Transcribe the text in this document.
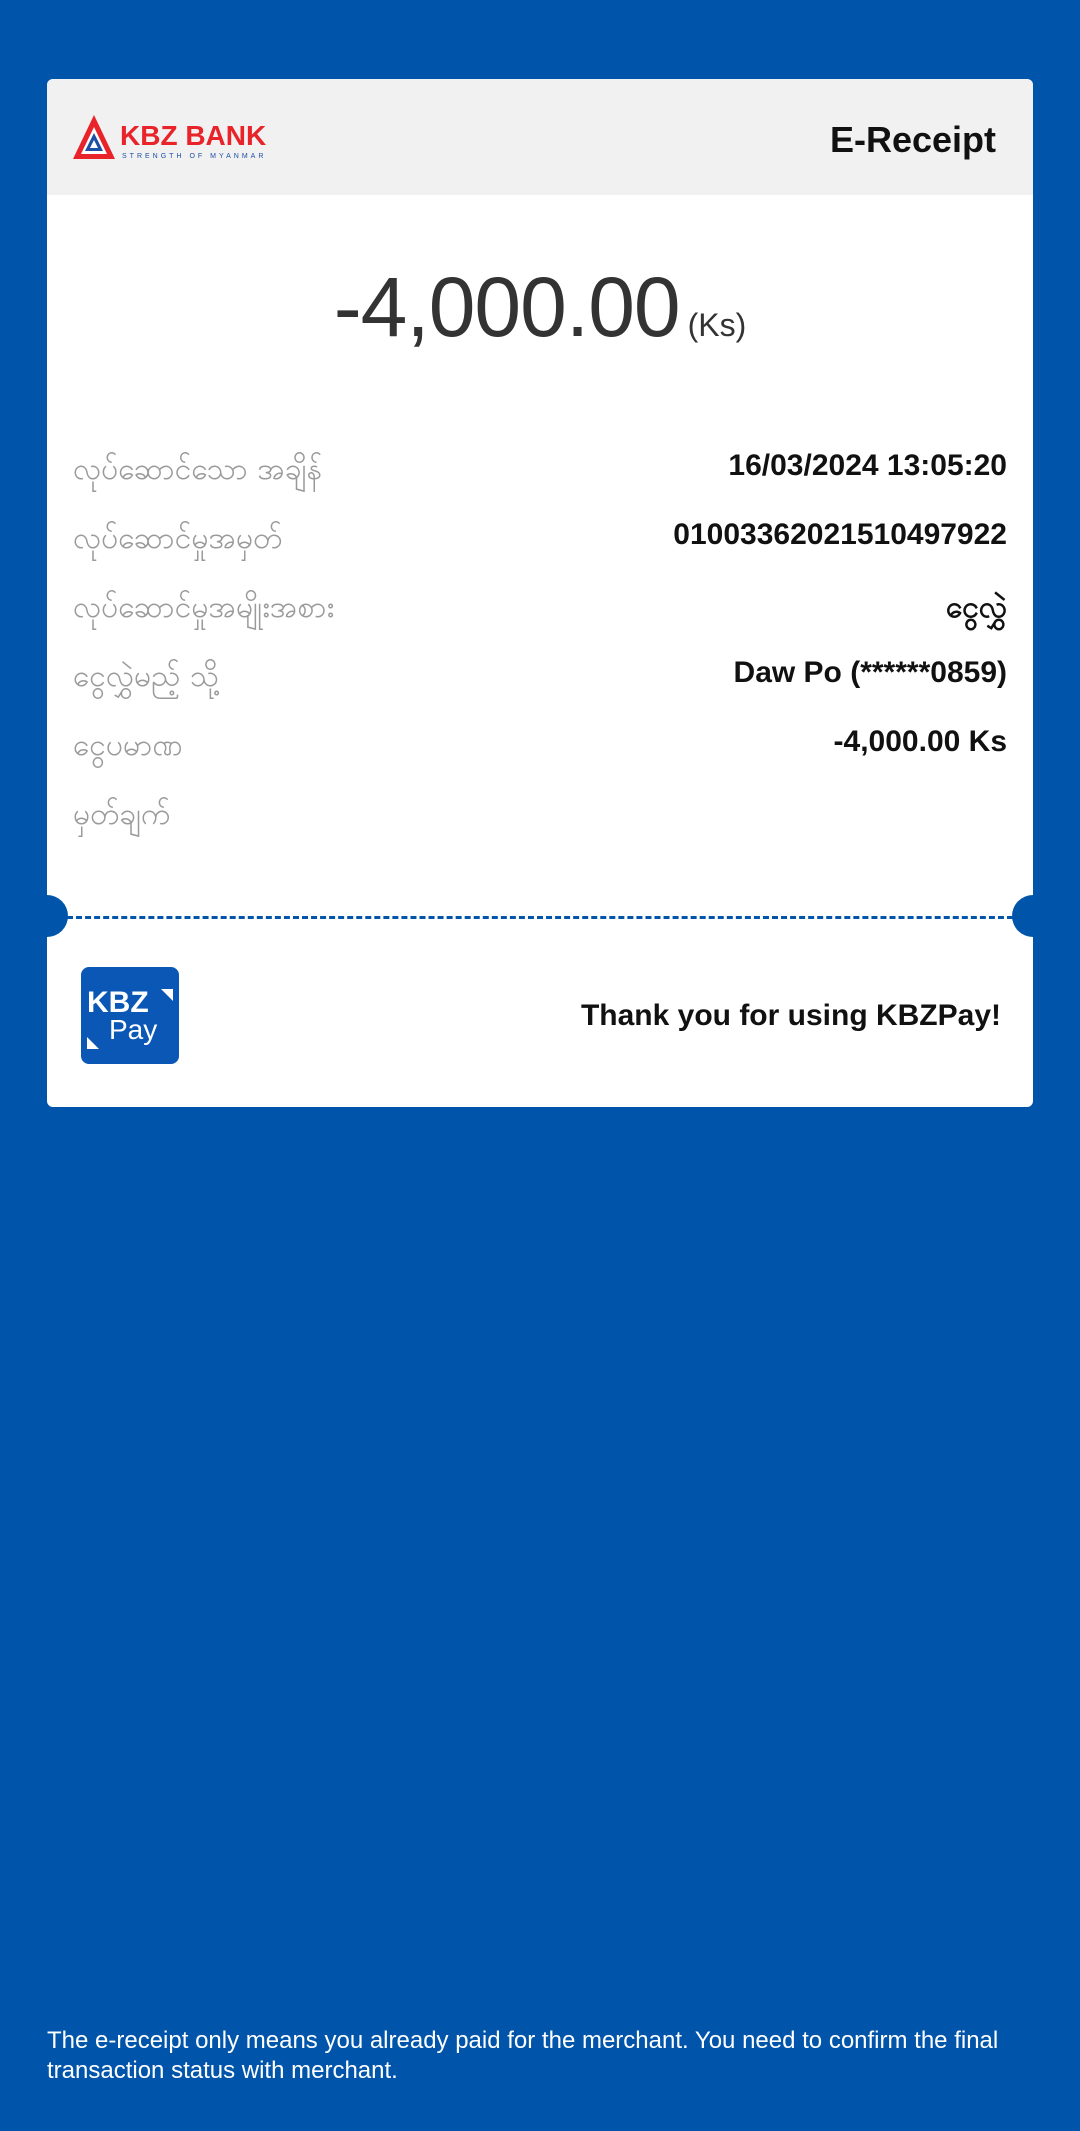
KBZ BANK
STRENGTH OF MYANMAR	E-Receipt
-4,000.00 (Ks)
လုပ်ဆောင်သော အချိန်	16/03/2024 13:05:20
လုပ်ဆောင်မှုအမှတ်	01003362021510497922
လုပ်ဆောင်မှုအမျိုးအစား	ငွေလွှဲ
ငွေလွှဲမည့် သို့	Daw Po (******0859)
ငွေပမာဏ	-4,000.00 Ks
မှတ်ချက်
KBZ
Pay	Thank you for using KBZPay!
The e-receipt only means you already paid for the merchant. You need to confirm the final transaction status with merchant.
